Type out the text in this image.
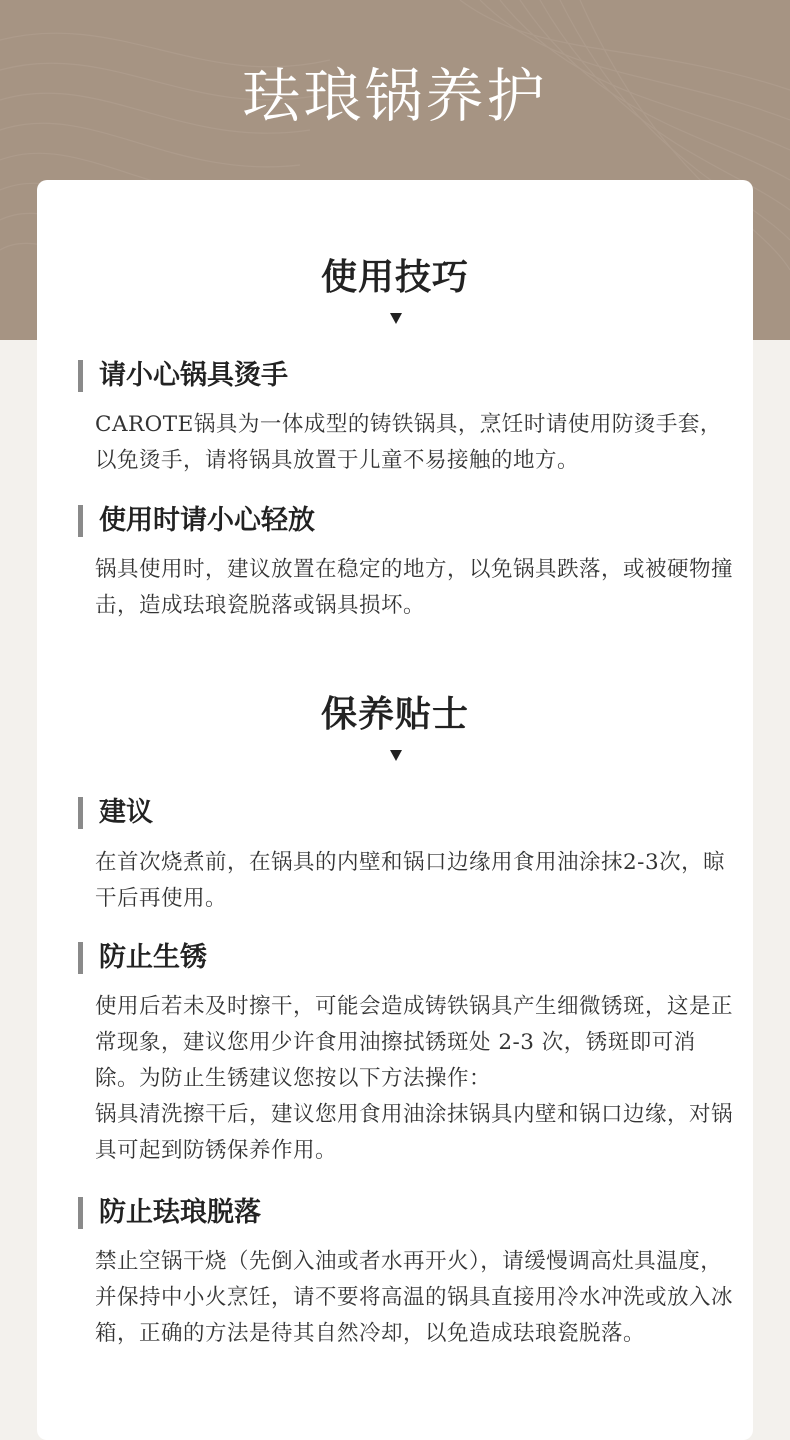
珐琅锅养护
使用技巧
请小心锅具烫手

CAROTE锅具为一体成型的铸铁锅具，烹饪时请使用防烫手套，以免烫手，请将锅具放置于儿童不易接触的地方。

使用时请小心轻放

锅具使用时，建议放置在稳定的地方，以免锅具跌落，或被硬物撞击，造成珐琅瓷脱落或锅具损坏。

保养贴士
建议

在首次烧煮前，在锅具的内壁和锅口边缘用食用油涂抹2-3次，晾干后再使用。

防止生锈

使用后若未及时擦干，可能会造成铸铁锅具产生细微锈斑，这是正常现象，建议您用少许食用油擦拭锈斑处 2-3 次，锈斑即可消除。为防止生锈建议您按以下方法操作：

锅具清洗擦干后，建议您用食用油涂抹锅具内壁和锅口边缘，对锅具可起到防锈保养作用。

防止珐琅脱落

禁止空锅干烧（先倒入油或者水再开火），请缓慢调高灶具温度，并保持中小火烹饪，请不要将高温的锅具直接用冷水冲洗或放入冰箱，正确的方法是待其自然冷却，以免造成珐琅瓷脱落。
